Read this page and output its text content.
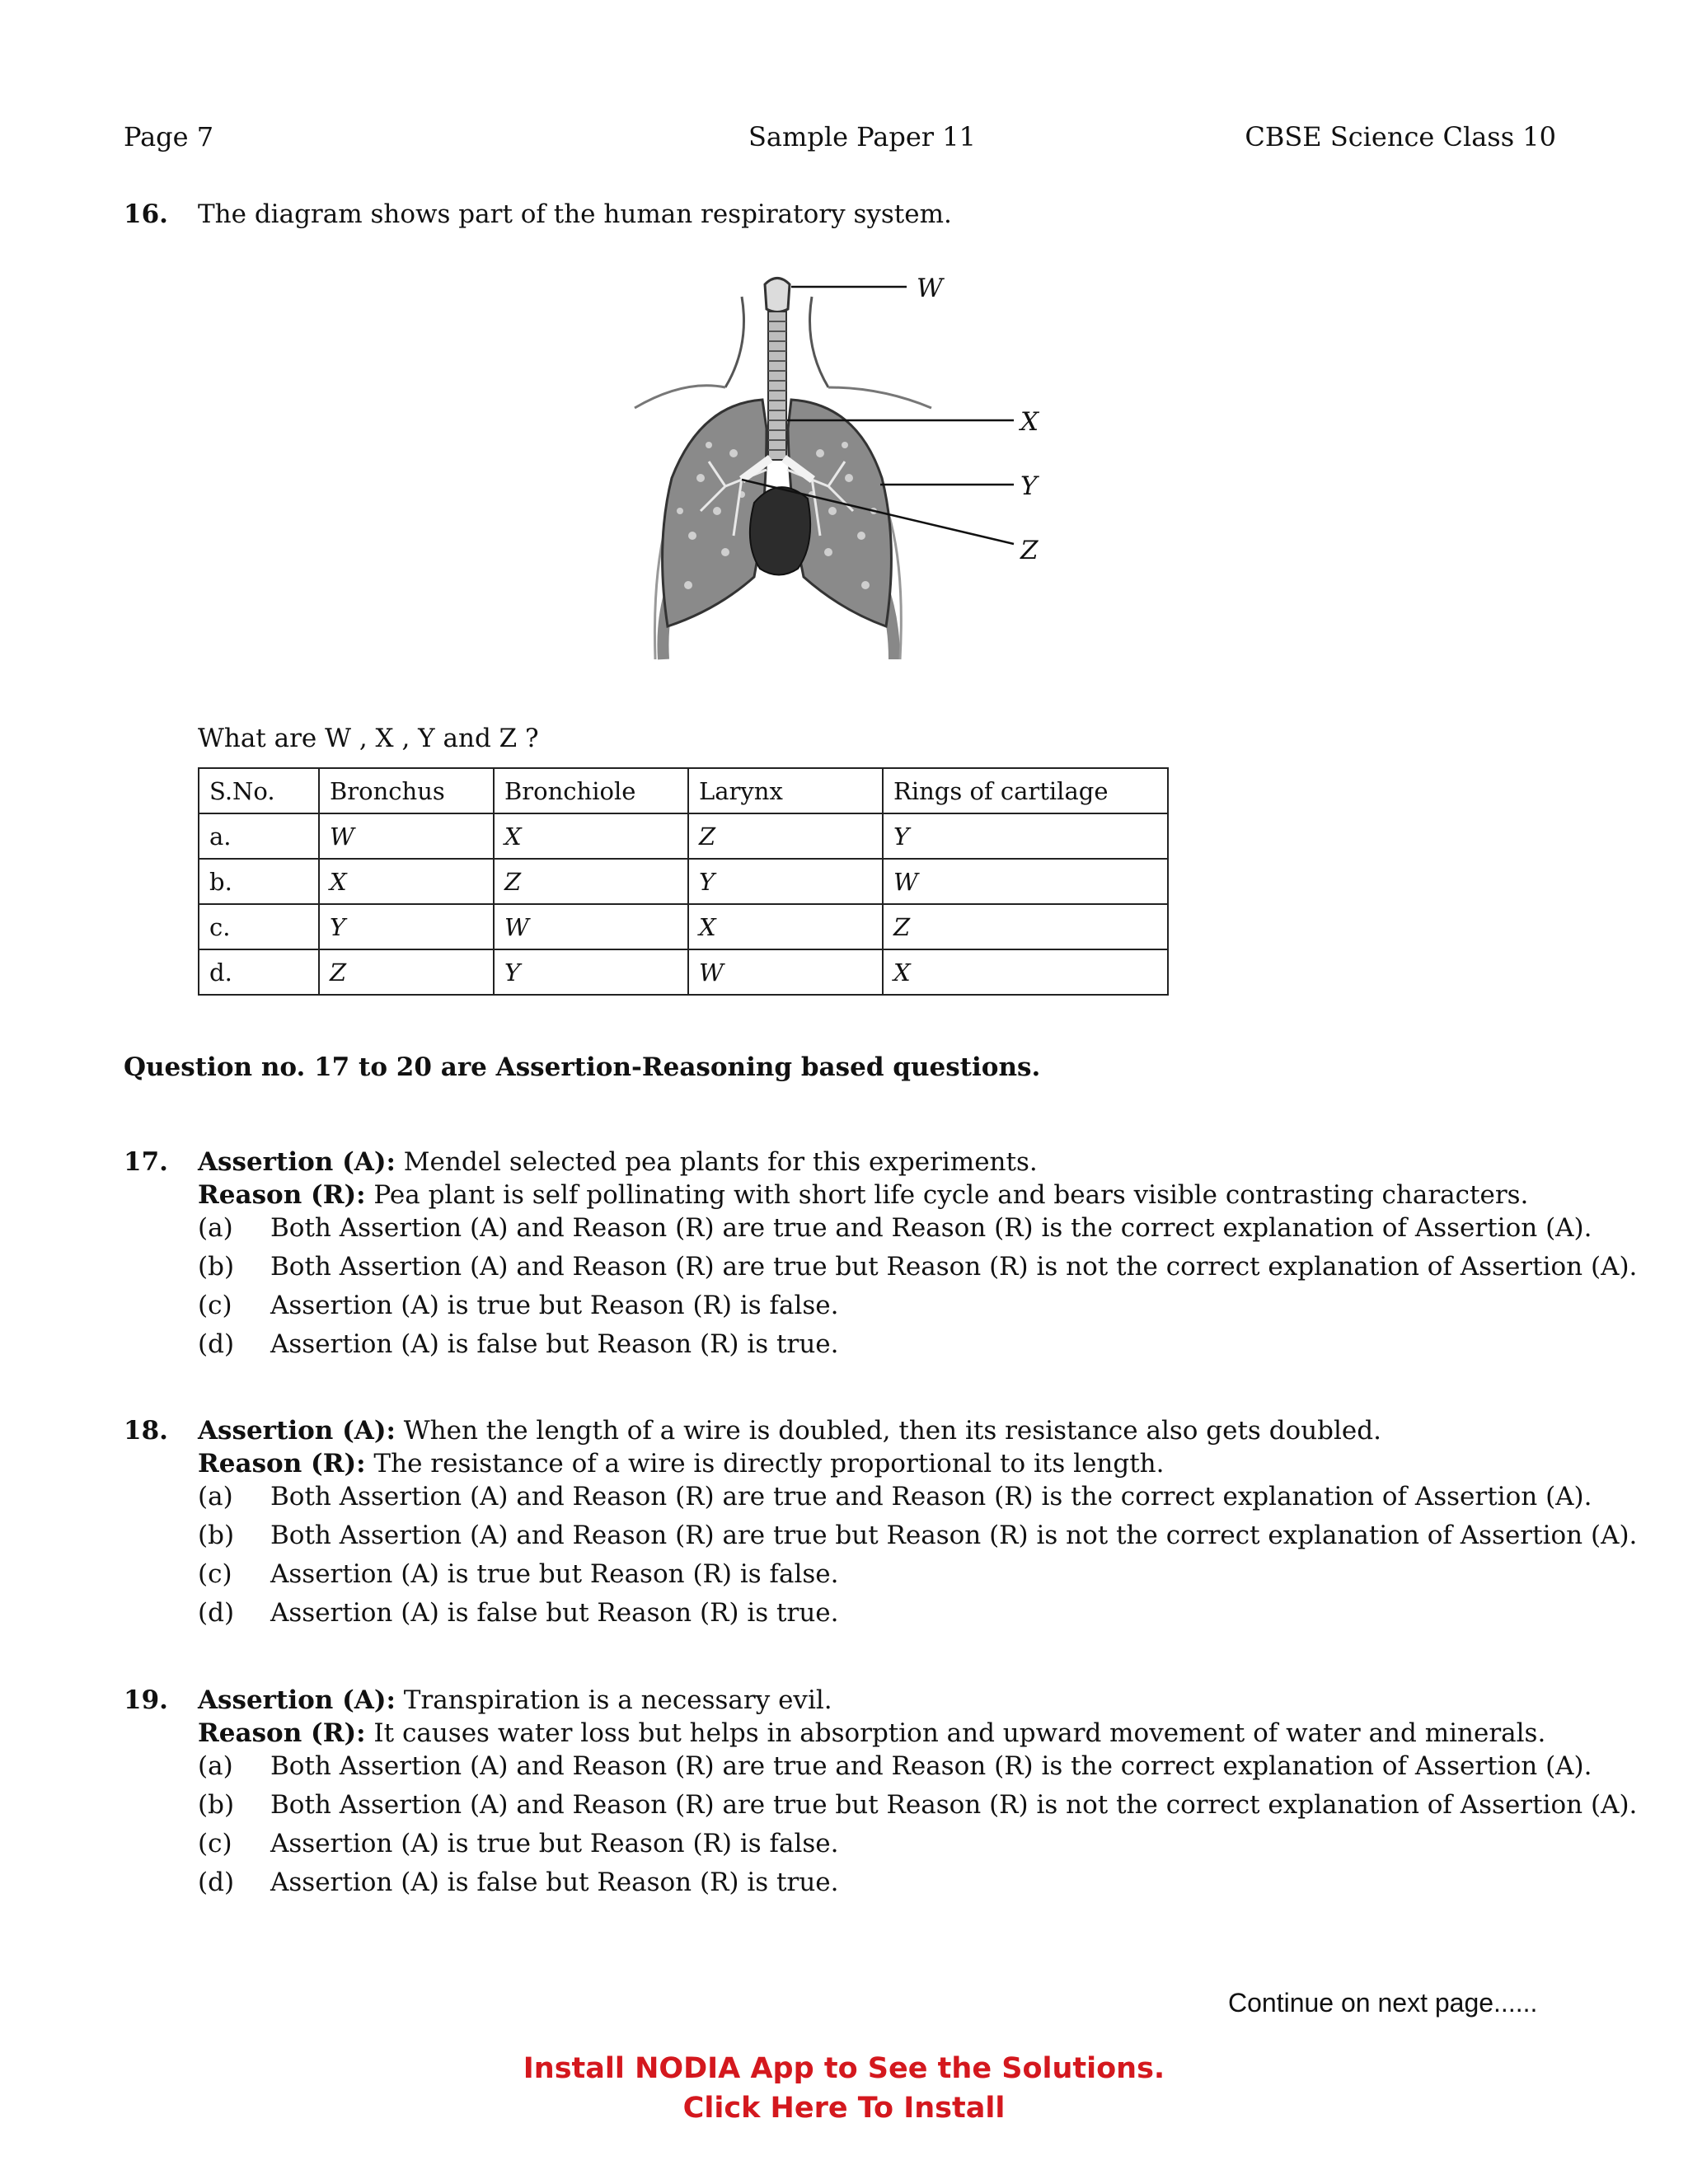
Page 7	Sample Paper 11	CBSE Science Class 10
16. The diagram shows part of the human respiratory system.
W
X
Y
Z
What are W , X , Y and Z ?
S.No.	Bronchus	Bronchiole	Larynx	Rings of cartilage
a.	W	X	Z	Y
b.	X	Z	Y	W
c.	Y	W	X	Z
d.	Z	Y	W	X
Question no. 17 to 20 are Assertion-Reasoning based questions.
17. Assertion (A): Mendel selected pea plants for this experiments.
Reason (R): Pea plant is self pollinating with short life cycle and bears visible contrasting characters.
(a) Both Assertion (A) and Reason (R) are true and Reason (R) is the correct explanation of Assertion (A).
(b) Both Assertion (A) and Reason (R) are true but Reason (R) is not the correct explanation of Assertion (A).
(c) Assertion (A) is true but Reason (R) is false.
(d) Assertion (A) is false but Reason (R) is true.
18. Assertion (A): When the length of a wire is doubled, then its resistance also gets doubled.
Reason (R): The resistance of a wire is directly proportional to its length.
(a) Both Assertion (A) and Reason (R) are true and Reason (R) is the correct explanation of Assertion (A).
(b) Both Assertion (A) and Reason (R) are true but Reason (R) is not the correct explanation of Assertion (A).
(c) Assertion (A) is true but Reason (R) is false.
(d) Assertion (A) is false but Reason (R) is true.
19. Assertion (A): Transpiration is a necessary evil.
Reason (R): It causes water loss but helps in absorption and upward movement of water and minerals.
(a) Both Assertion (A) and Reason (R) are true and Reason (R) is the correct explanation of Assertion (A).
(b) Both Assertion (A) and Reason (R) are true but Reason (R) is not the correct explanation of Assertion (A).
(c) Assertion (A) is true but Reason (R) is false.
(d) Assertion (A) is false but Reason (R) is true.
Continue on next page......
Install NODIA App to See the Solutions.
Click Here To Install
